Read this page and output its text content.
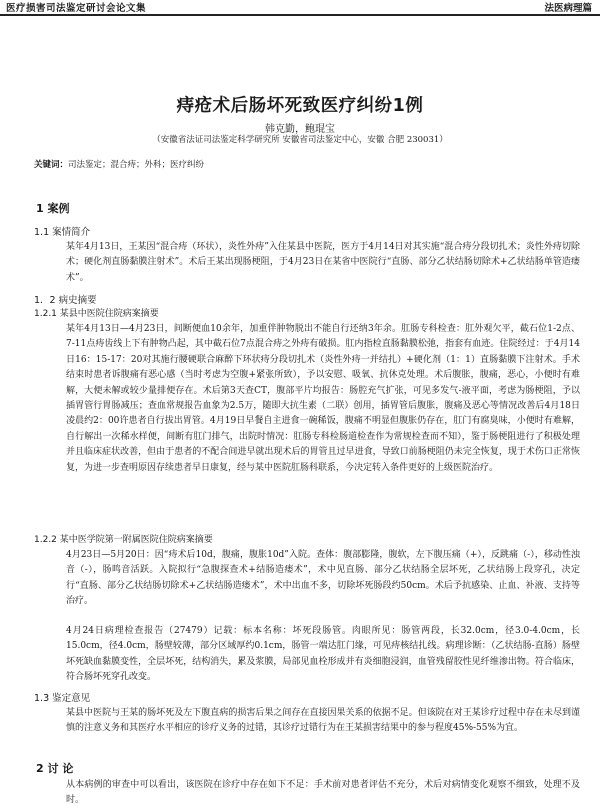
医疗损害司法鉴定研讨会论文集	法医病理篇
痔疮术后肠坏死致医疗纠纷1例
韩克勤，鲍琨宝
（安徽省法证司法鉴定科学研究所 安徽省司法鉴定中心，安徽 合肥 230031）
关键词：司法鉴定；混合痔；外科；医疗纠纷
1 案例
1.1 案情简介

某年4月13日，王某因“混合痔（环状），炎性外痔”入住某县中医院，医方于4月14日对其实施“混合痔分段切扎术；炎性外痔切除术；硬化剂直肠黏膜注射术”。术后王某出现肠梗阻，于4月23日在某省中医院行“直肠、部分乙状结肠切除术+乙状结肠单管造瘘术”。

1．2 病史摘要
1.2.1 某县中医院住院病案摘要

某年4月13日—4月23日，间断便血10余年，加重伴肿物脱出不能自行还纳3年余。肛肠专科检查：肛外观欠平，截石位1-2点、7-11点痔齿线上下有肿物凸起，其中截石位7点混合痔之外痔有破损。肛内指检直肠黏膜松弛，指套有血迹。住院经过：于4月14日16：15-17：20对其施行腰硬联合麻醉下环状痔分段切扎术（炎性外痔一并结扎）+硬化剂（1：1）直肠黏膜下注射术。手术结束时患者诉腹痛有恶心感（当时考虑为空腹+紧张所致），予以安慰、吸氧、抗休克处理。术后腹胀，腹痛，恶心，小便时有难解，大便未解或较少量排便存在。术后第3天查CT，腹部平片均报告：肠腔充气扩张，可见多发气-液平面，考虑为肠梗阻，予以插胃管行胃肠减压；查血常规报告血象为2.5万，随即大抗生素（二联）创用，插胃管后腹胀，腹痛及恶心等情况改善后4月18日凌晨约2：00许患者自行拔出胃管。4月19日早餐自主进食一碗稀饭，腹痛不明显但腹胀仍存在，肛门有腐臭味，小便时有难解，自行解出一次稀水样便，间断有肛门排气，出院时情况：肛肠专科检肠道检查作为常规检查而不知），鉴于肠梗阻进行了积极处理并且临床症状改善，但由于患者的不配合间进早就出现术后的胃管且过早进食，导致口前肠梗阻仍未完全恢复，现于术伤口正常恢复，为进一步查明原因存续患者早日康复，经与某中医院肛肠科联系，今决定转入条件更好的上级医院治疗。

1.2.2 某中医学院第一附属医院住院病案摘要

4月23日—5月20日：因“痔术后10d，腹痛，腹胀10d”入院。查体：腹部膨隆，腹软，左下腹压痛（+），反跳痛（-），移动性浊音（-），肠鸣音活跃。入院拟行“急腹探查术+结肠造瘘术”，术中见直肠、部分乙状结肠全层坏死，乙状结肠上段穿孔，决定行“直肠、部分乙状结肠切除术+乙状结肠造瘘术”，术中出血不多，切除坏死肠段约50cm。术后予抗感染、止血、补液、支持等治疗。

4月24日病理检查报告（27479）记载：标本名称：坏死段肠管。肉眼所见：肠管两段，长32.0cm，径3.0-4.0cm，长15.0cm，径4.0cm，肠壁较薄，部分区域厚约0.1cm，肠管一端达肛门缘，可见痔核结扎线。病理诊断：（乙状结肠-直肠）肠壁坏死缺血黏膜变性，全层坏死，结构消失，累及浆膜，局部见血栓形成并有炎细胞浸润，血管残留胶性见纤维渗出物。符合临床，符合肠坏死穿孔改变。

1.3 鉴定意见

某县中医院与王某的肠坏死及左下腹直病的损害后果之间存在直接因果关系的依据不足。但该院在对王某诊疗过程中存在未尽到谨慎的注意义务和其医疗水平相应的诊疗义务的过错，其诊疗过错行为在王某损害结果中的参与程度45%-55%为宜。

2 讨 论

从本病例的审查中可以看出，该医院在诊疗中存在如下不足：手术前对患者评估不充分，术后对病情变化观察不细致，处理不及时。
